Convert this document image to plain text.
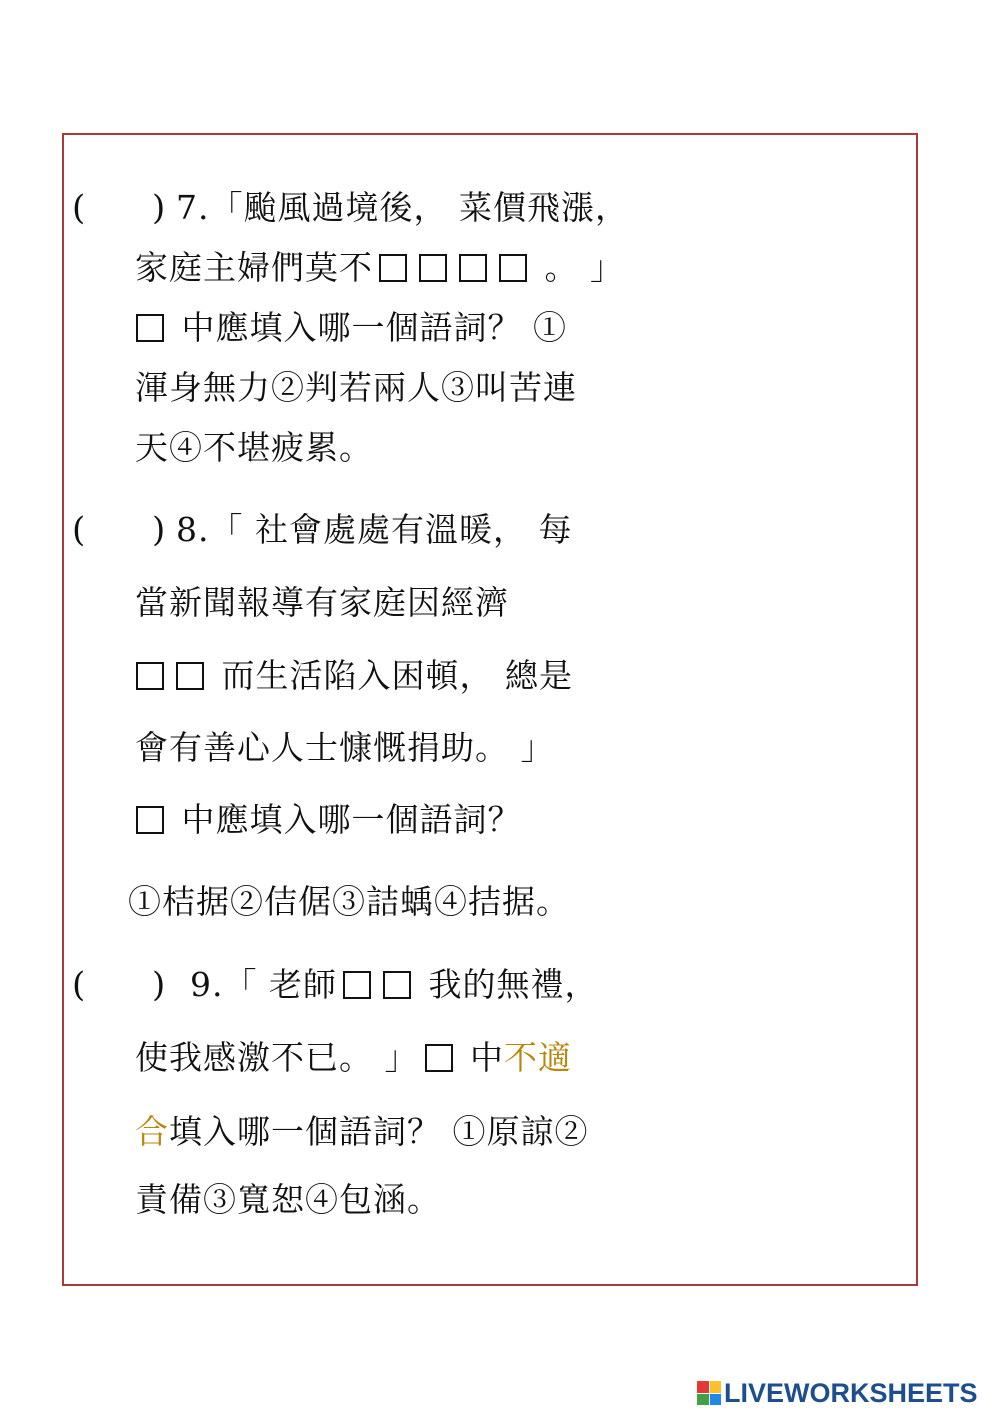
( ) 7.「颱風過境後， 菜價飛漲，
家庭主婦們莫不	。 」
中應填入哪一個語詞？ ①
渾身無力②判若兩人③叫苦連
天④不堪疲累。
( ) 8.「 社會處處有溫暖， 每
當新聞報導有家庭因經濟
而生活陷入困頓， 總是
會有善心人士慷慨捐助。 」
中應填入哪一個語詞？
①桔据②佶倨③詰蝺④拮据。
( ) 9.「 老師	我的無禮，
使我感激不已。 」 中不適
合填入哪一個語詞？ ①原諒②
責備③寬恕④包涵。
LIVEWORKSHEETS
